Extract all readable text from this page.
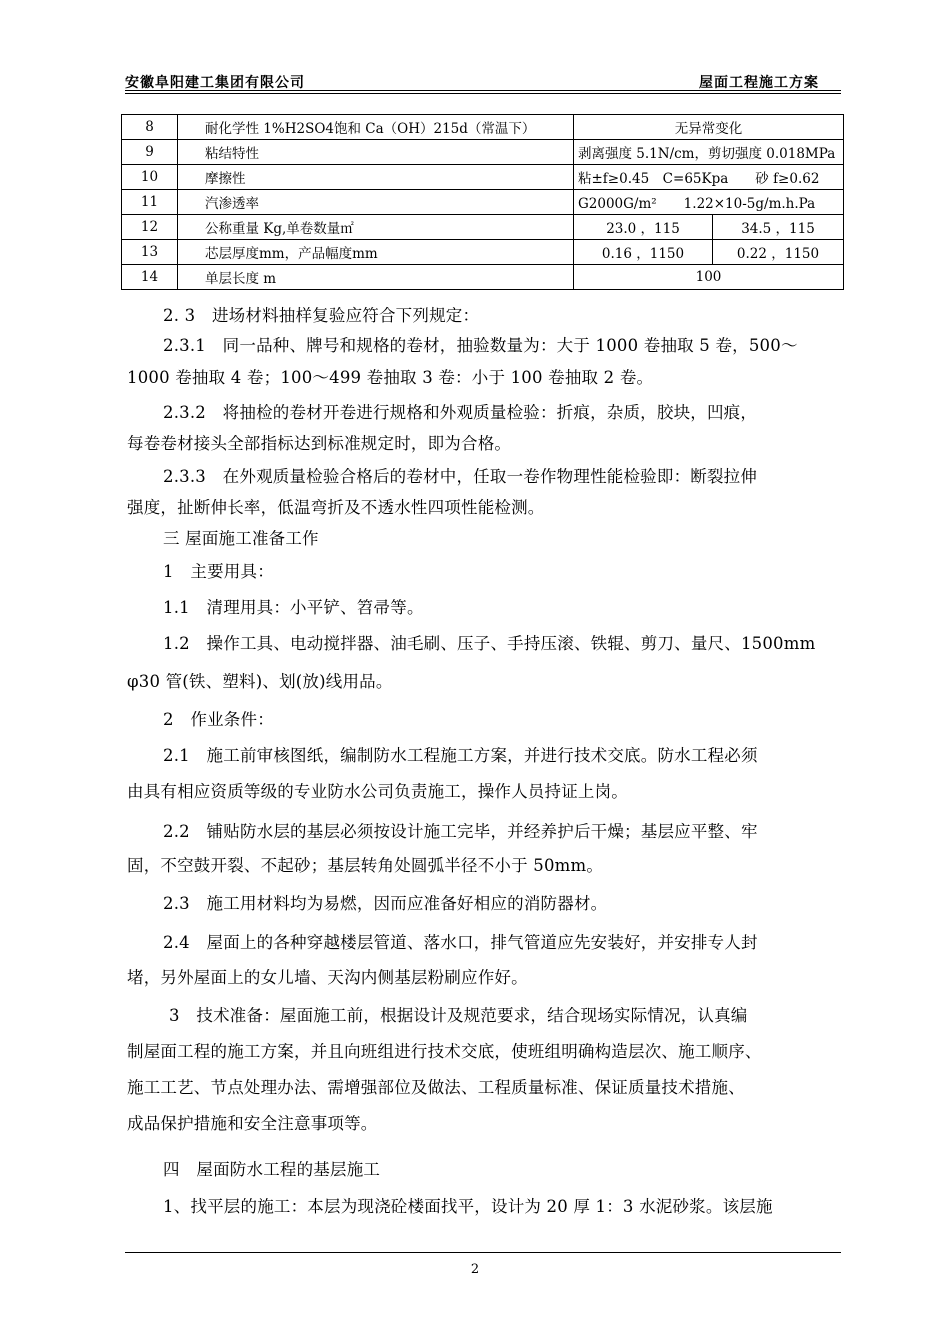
安徽阜阳建工集团有限公司	屋面工程施工方案
8	耐化学性 1%H2SO4饱和 Ca（OH）215d（常温下）	无异常变化	
9	粘结特性	剥离强度 5.1N/cm，剪切强度 0.018MPa	
10	摩擦性	粘±f≥0.45　C=65Kpa　　砂 f≥0.62	
11	汽渗透率	G2000G/m²　　1.22×10-5g/m.h.Pa	
12	公称重量 Kg,单卷数量㎡	23.0 ，115	34.5 ，115
13	芯层厚度mm，产品幅度mm	0.16 ，1150	0.22 ，1150
14	单层长度 m	100	
2. 3　进场材料抽样复验应符合下列规定：
2.3.1　同一品种、牌号和规格的卷材，抽验数量为：大于 1000 卷抽取 5 卷，500～
1000 卷抽取 4 卷；100～499 卷抽取 3 卷：小于 100 卷抽取 2 卷。
2.3.2　将抽检的卷材开卷进行规格和外观质量检验：折痕，杂质，胶块，凹痕，
每卷卷材接头全部指标达到标准规定时，即为合格。
2.3.3　在外观质量检验合格后的卷材中，任取一卷作物理性能检验即：断裂拉伸
强度，扯断伸长率，低温弯折及不透水性四项性能检测。
三 屋面施工准备工作
1　主要用具：
1.1　清理用具：小平铲、笤帚等。
1.2　操作工具、电动搅拌器、油毛刷、压子、手持压滚、铁辊、剪刀、量尺、1500mm
φ30 管(铁、塑料)、划(放)线用品。
2　作业条件：
2.1　施工前审核图纸，编制防水工程施工方案，并进行技术交底。防水工程必须
由具有相应资质等级的专业防水公司负责施工，操作人员持证上岗。
2.2　铺贴防水层的基层必须按设计施工完毕，并经养护后干燥；基层应平整、牢
固，不空鼓开裂、不起砂；基层转角处圆弧半径不小于 50mm。
2.3　施工用材料均为易燃，因而应准备好相应的消防器材。
2.4　屋面上的各种穿越楼层管道、落水口，排气管道应先安装好，并安排专人封
堵，另外屋面上的女儿墙、天沟内侧基层粉刷应作好。
3　技术准备：屋面施工前，根据设计及规范要求，结合现场实际情况，认真编
制屋面工程的施工方案，并且向班组进行技术交底，使班组明确构造层次、施工顺序、
施工工艺、节点处理办法、需增强部位及做法、工程质量标准、保证质量技术措施、
成品保护措施和安全注意事项等。
四　屋面防水工程的基层施工
1、找平层的施工：本层为现浇砼楼面找平，设计为 20 厚 1：3 水泥砂浆。该层施
2
